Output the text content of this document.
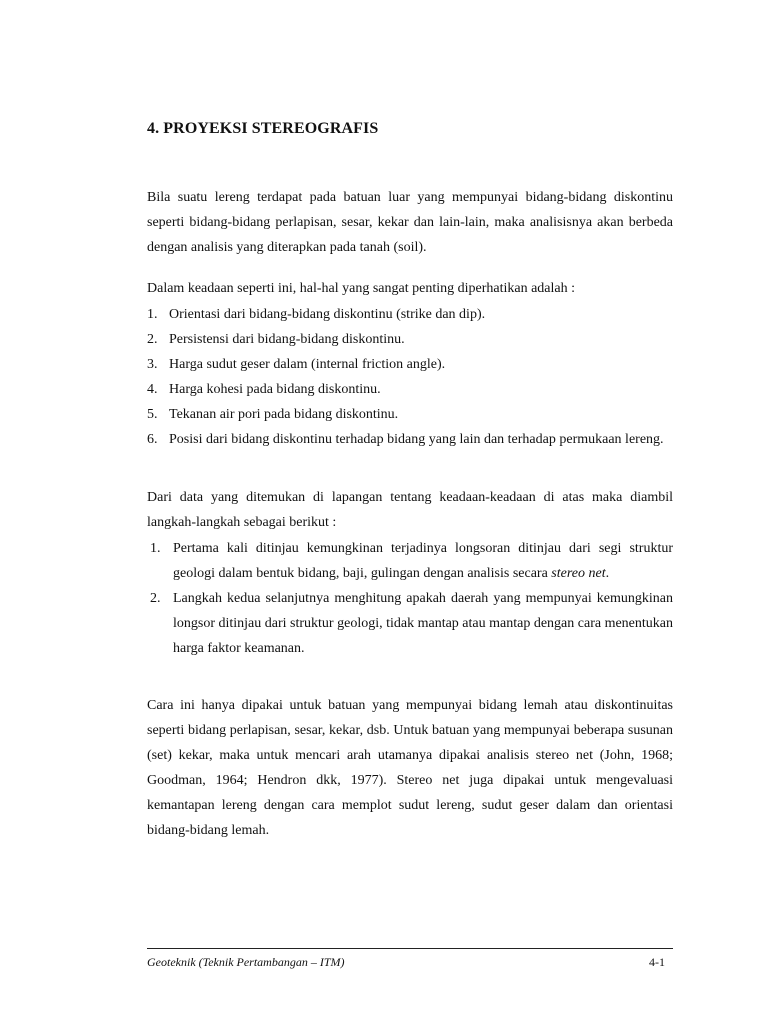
4. PROYEKSI STEREOGRAFIS

Bila suatu lereng terdapat pada batuan luar yang mempunyai bidang-bidang diskontinu seperti bidang-bidang perlapisan, sesar, kekar dan lain-lain, maka analisisnya akan berbeda dengan analisis yang diterapkan pada tanah (soil).

Dalam keadaan seperti ini, hal-hal yang sangat penting diperhatikan adalah :

1. Orientasi dari bidang-bidang diskontinu (strike dan dip).
2. Persistensi dari bidang-bidang diskontinu.
3. Harga sudut geser dalam (internal friction angle).
4. Harga kohesi pada bidang diskontinu.
5. Tekanan air pori pada bidang diskontinu.
6. Posisi dari bidang diskontinu terhadap bidang yang lain dan terhadap permukaan lereng.

Dari data yang ditemukan di lapangan tentang keadaan-keadaan di atas maka diambil langkah-langkah sebagai berikut :

1. Pertama kali ditinjau kemungkinan terjadinya longsoran ditinjau dari segi struktur geologi dalam bentuk bidang, baji, gulingan dengan analisis secara stereo net.
2. Langkah kedua selanjutnya menghitung apakah daerah yang mempunyai kemungkinan longsor ditinjau dari struktur geologi, tidak mantap atau mantap dengan cara menentukan harga faktor keamanan.

Cara ini hanya dipakai untuk batuan yang mempunyai bidang lemah atau diskontinuitas seperti bidang perlapisan, sesar, kekar, dsb. Untuk batuan yang mempunyai beberapa susunan (set) kekar, maka untuk mencari arah utamanya dipakai analisis stereo net (John, 1968; Goodman, 1964; Hendron dkk, 1977). Stereo net juga dipakai untuk mengevaluasi kemantapan lereng dengan cara memplot sudut lereng, sudut geser dalam dan orientasi bidang-bidang lemah.

Geoteknik (Teknik Pertambangan – ITM)	4-1
